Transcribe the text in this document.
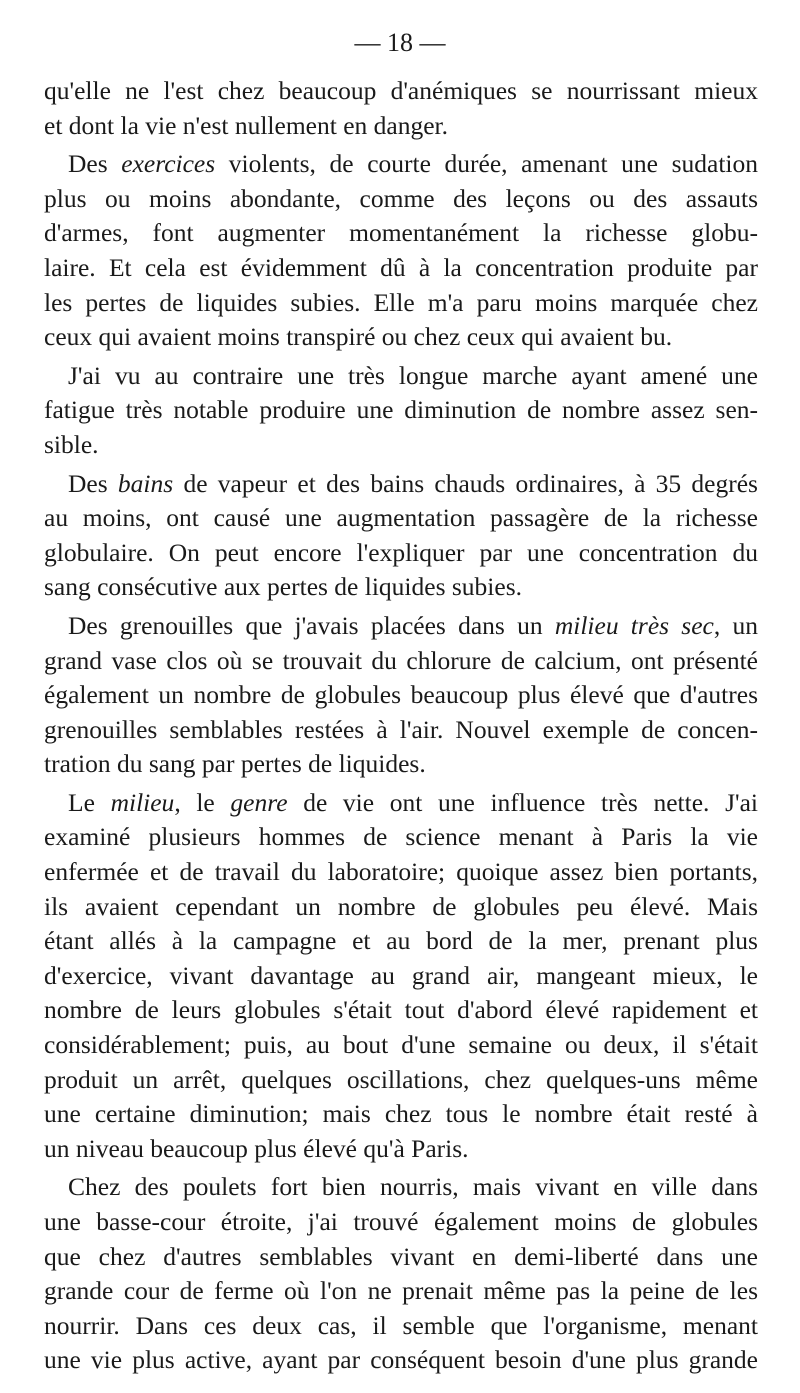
— 18 —
qu'elle ne l'est chez beaucoup d'anémiques se nourrissant mieux
et dont la vie n'est nullement en danger.
Des exercices violents, de courte durée, amenant une sudation
plus ou moins abondante, comme des leçons ou des assauts
d'armes, font augmenter momentanément la richesse globu-
laire. Et cela est évidemment dû à la concentration produite par
les pertes de liquides subies. Elle m'a paru moins marquée chez
ceux qui avaient moins transpiré ou chez ceux qui avaient bu.
J'ai vu au contraire une très longue marche ayant amené une
fatigue très notable produire une diminution de nombre assez sen-
sible.
Des bains de vapeur et des bains chauds ordinaires, à 35 degrés
au moins, ont causé une augmentation passagère de la richesse
globulaire. On peut encore l'expliquer par une concentration du
sang consécutive aux pertes de liquides subies.
Des grenouilles que j'avais placées dans un milieu très sec, un
grand vase clos où se trouvait du chlorure de calcium, ont présenté
également un nombre de globules beaucoup plus élevé que d'autres
grenouilles semblables restées à l'air. Nouvel exemple de concen-
tration du sang par pertes de liquides.
Le milieu, le genre de vie ont une influence très nette. J'ai
examiné plusieurs hommes de science menant à Paris la vie
enfermée et de travail du laboratoire; quoique assez bien portants,
ils avaient cependant un nombre de globules peu élevé. Mais
étant allés à la campagne et au bord de la mer, prenant plus
d'exercice, vivant davantage au grand air, mangeant mieux, le
nombre de leurs globules s'était tout d'abord élevé rapidement et
considérablement; puis, au bout d'une semaine ou deux, il s'était
produit un arrêt, quelques oscillations, chez quelques-uns même
une certaine diminution; mais chez tous le nombre était resté à
un niveau beaucoup plus élevé qu'à Paris.
Chez des poulets fort bien nourris, mais vivant en ville dans
une basse-cour étroite, j'ai trouvé également moins de globules
que chez d'autres semblables vivant en demi-liberté dans une
grande cour de ferme où l'on ne prenait même pas la peine de les
nourrir. Dans ces deux cas, il semble que l'organisme, menant
une vie plus active, ayant par conséquent besoin d'une plus grande
